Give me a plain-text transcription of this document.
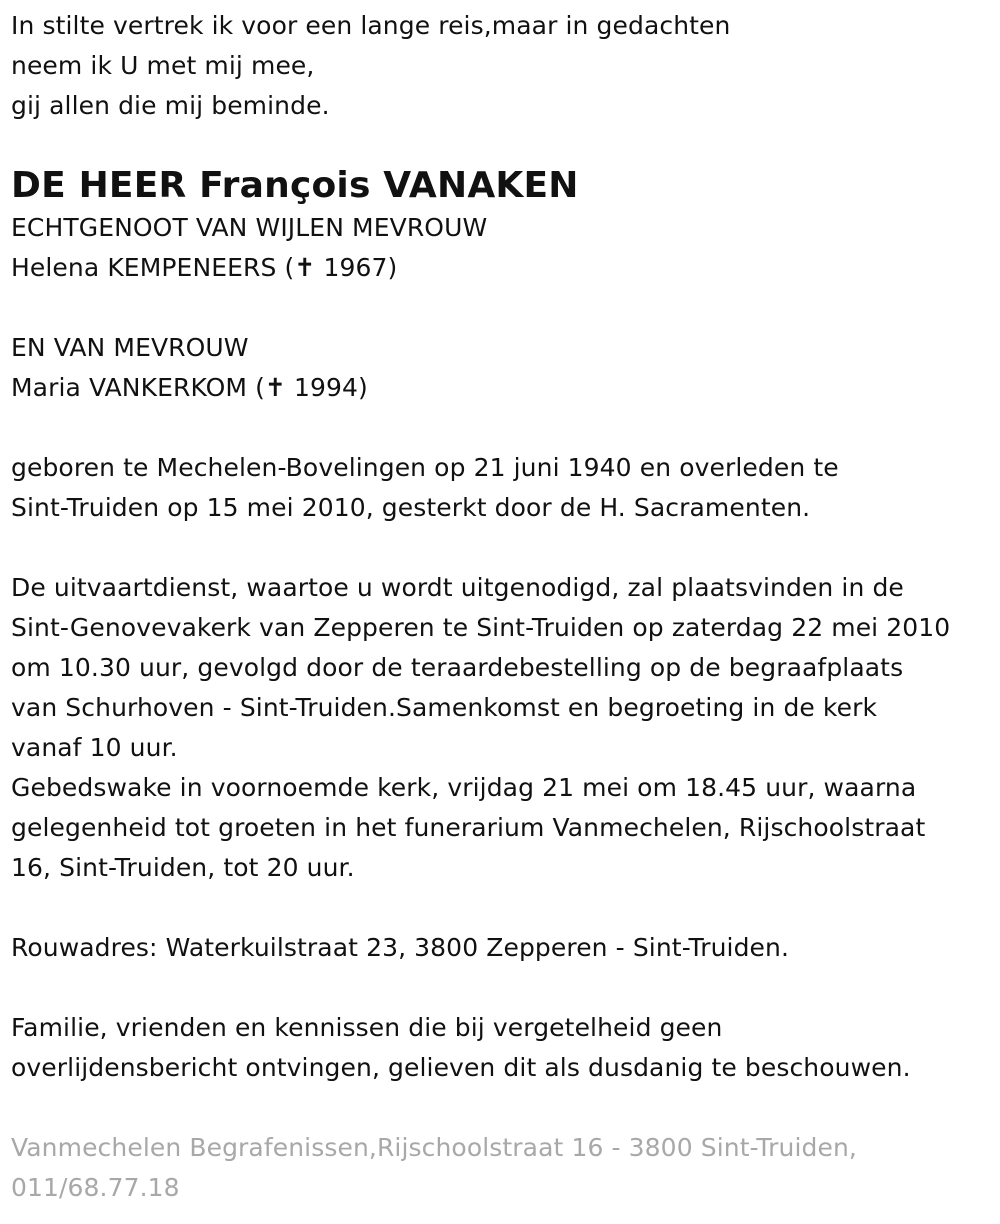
In stilte vertrek ik voor een lange reis,maar in gedachten
neem ik U met mij mee,
gij allen die mij beminde.
DE HEER François VANAKEN
ECHTGENOOT VAN WIJLEN MEVROUW
Helena KEMPENEERS (✝ 1967)
EN VAN MEVROUW
Maria VANKERKOM (✝ 1994)
geboren te Mechelen-Bovelingen op 21 juni 1940 en overleden te
Sint-Truiden op 15 mei 2010, gesterkt door de H. Sacramenten.
De uitvaartdienst, waartoe u wordt uitgenodigd, zal plaatsvinden in de
Sint-Genovevakerk van Zepperen te Sint-Truiden op zaterdag 22 mei 2010
om 10.30 uur, gevolgd door de teraardebestelling op de begraafplaats
van Schurhoven - Sint-Truiden.Samenkomst en begroeting in de kerk
vanaf 10 uur.
Gebedswake in voornoemde kerk, vrijdag 21 mei om 18.45 uur, waarna
gelegenheid tot groeten in het funerarium Vanmechelen, Rijschoolstraat
16, Sint-Truiden, tot 20 uur.
Rouwadres: Waterkuilstraat 23, 3800 Zepperen - Sint-Truiden.
Familie, vrienden en kennissen die bij vergetelheid geen
overlijdensbericht ontvingen, gelieven dit als dusdanig te beschouwen.
Vanmechelen Begrafenissen,Rijschoolstraat 16 - 3800 Sint-Truiden,
011/68.77.18
